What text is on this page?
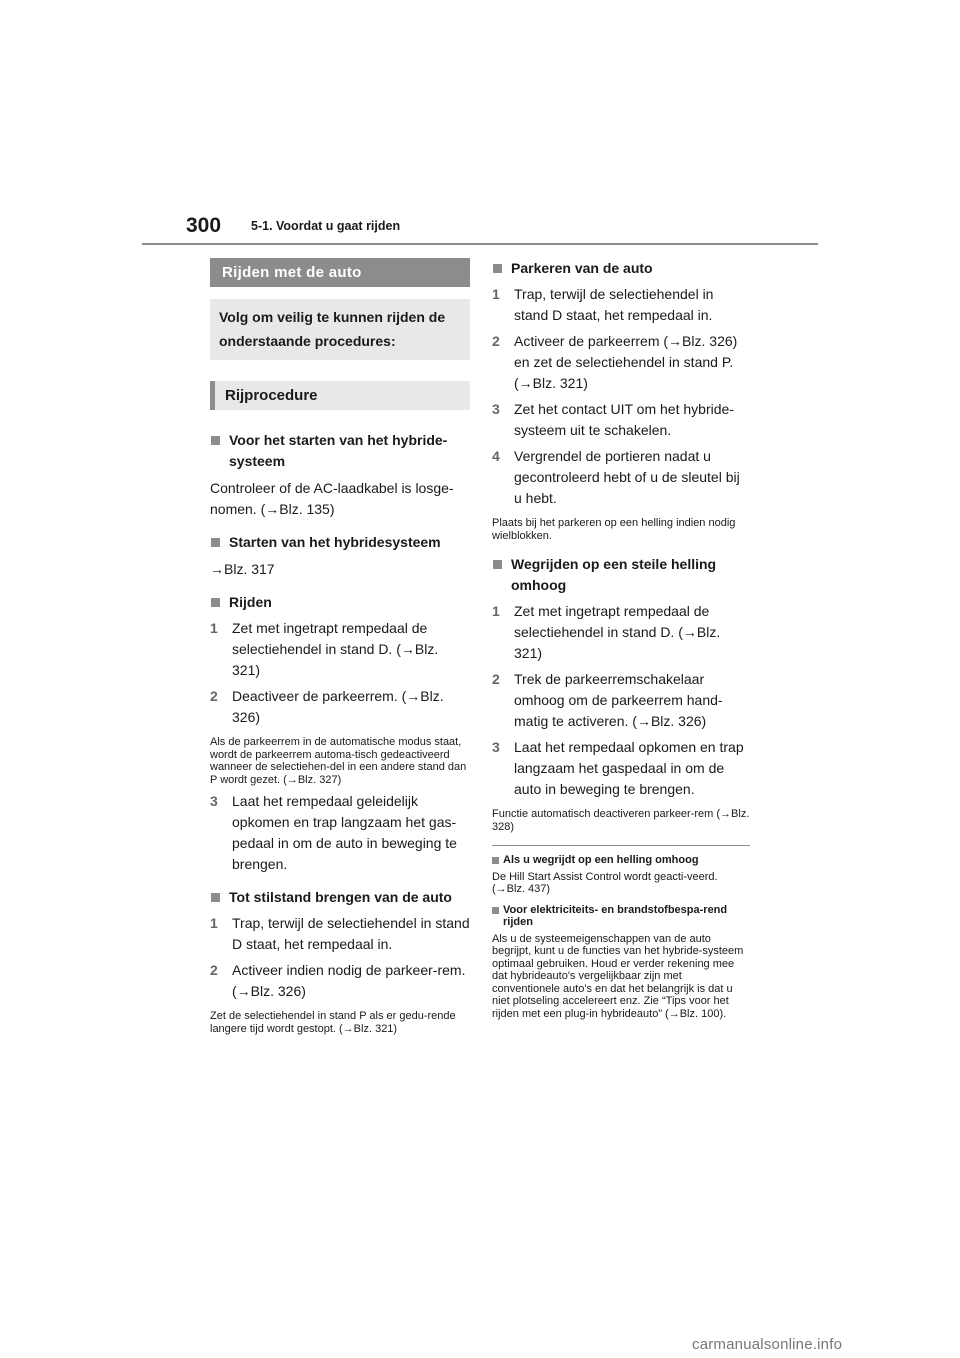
300 5-1. Voordat u gaat rijden
Rijden met de auto
Volg om veilig te kunnen rijden de onderstaande procedures:
Rijprocedure
Voor het starten van het hybride-systeem
Controleer of de AC-laadkabel is losge-nomen. (→Blz. 135)
Starten van het hybridesysteem
→Blz. 317
Rijden
1	Zet met ingetrapt rempedaal de selectiehendel in stand D. (→Blz. 321)
2	Deactiveer de parkeerrem. (→Blz. 326)
Als de parkeerrem in de automatische modus staat, wordt de parkeerrem automa-tisch gedeactiveerd wanneer de selectiehen-del in een andere stand dan P wordt gezet. (→Blz. 327)
3	Laat het rempedaal geleidelijk opkomen en trap langzaam het gas-pedaal in om de auto in beweging te brengen.
Tot stilstand brengen van de auto
1	Trap, terwijl de selectiehendel in stand D staat, het rempedaal in.
2	Activeer indien nodig de parkeer-rem. (→Blz. 326)
Zet de selectiehendel in stand P als er gedu-rende langere tijd wordt gestopt. (→Blz. 321)
Parkeren van de auto
1	Trap, terwijl de selectiehendel in stand D staat, het rempedaal in.
2	Activeer de parkeerrem (→Blz. 326) en zet de selectiehendel in stand P. (→Blz. 321)
3	Zet het contact UIT om het hybride-systeem uit te schakelen.
4	Vergrendel de portieren nadat u gecontroleerd hebt of u de sleutel bij u hebt.
Plaats bij het parkeren op een helling indien nodig wielblokken.
Wegrijden op een steile helling omhoog
1	Zet met ingetrapt rempedaal de selectiehendel in stand D. (→Blz. 321)
2	Trek de parkeerremschakelaar omhoog om de parkeerrem hand-matig te activeren. (→Blz. 326)
3	Laat het rempedaal opkomen en trap langzaam het gaspedaal in om de auto in beweging te brengen.
Functie automatisch deactiveren parkeer-rem (→Blz. 328)
Als u wegrijdt op een helling omhoog
De Hill Start Assist Control wordt geacti-veerd. (→Blz. 437)
Voor elektriciteits- en brandstofbespa-rend rijden
Als u de systeemeigenschappen van de auto begrijpt, kunt u de functies van het hybride-systeem optimaal gebruiken. Houd er verder rekening mee dat hybrideauto's vergelijkbaar zijn met conventionele auto's en dat het belangrijk is dat u niet plotseling accelereert enz. Zie “Tips voor het rijden met een plug-in hybrideauto” (→Blz. 100).
carmanualsonline.info
